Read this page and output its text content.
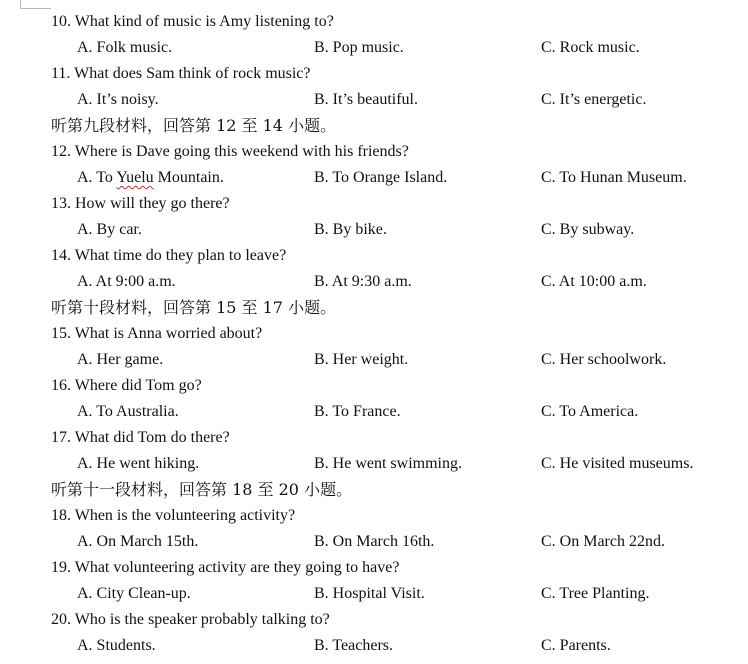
10. What kind of music is Amy listening to?
A. Folk music.	B. Pop music.	C. Rock music.
11. What does Sam think of rock music?
A. It’s noisy.	B. It’s beautiful.	C. It’s energetic.
听第九段材料，回答第 12 至 14 小题。
12. Where is Dave going this weekend with his friends?
A. To Yuelu Mountain.	B. To Orange Island.	C. To Hunan Museum.
13. How will they go there?
A. By car.	B. By bike.	C. By subway.
14. What time do they plan to leave?
A. At 9:00 a.m.	B. At 9:30 a.m.	C. At 10:00 a.m.
听第十段材料，回答第 15 至 17 小题。
15. What is Anna worried about?
A. Her game.	B. Her weight.	C. Her schoolwork.
16. Where did Tom go?
A. To Australia.	B. To France.	C. To America.
17. What did Tom do there?
A. He went hiking.	B. He went swimming.	C. He visited museums.
听第十一段材料，回答第 18 至 20 小题。
18. When is the volunteering activity?
A. On March 15th.	B. On March 16th.	C. On March 22nd.
19. What volunteering activity are they going to have?
A. City Clean-up.	B. Hospital Visit.	C. Tree Planting.
20. Who is the speaker probably talking to?
A. Students.	B. Teachers.	C. Parents.
